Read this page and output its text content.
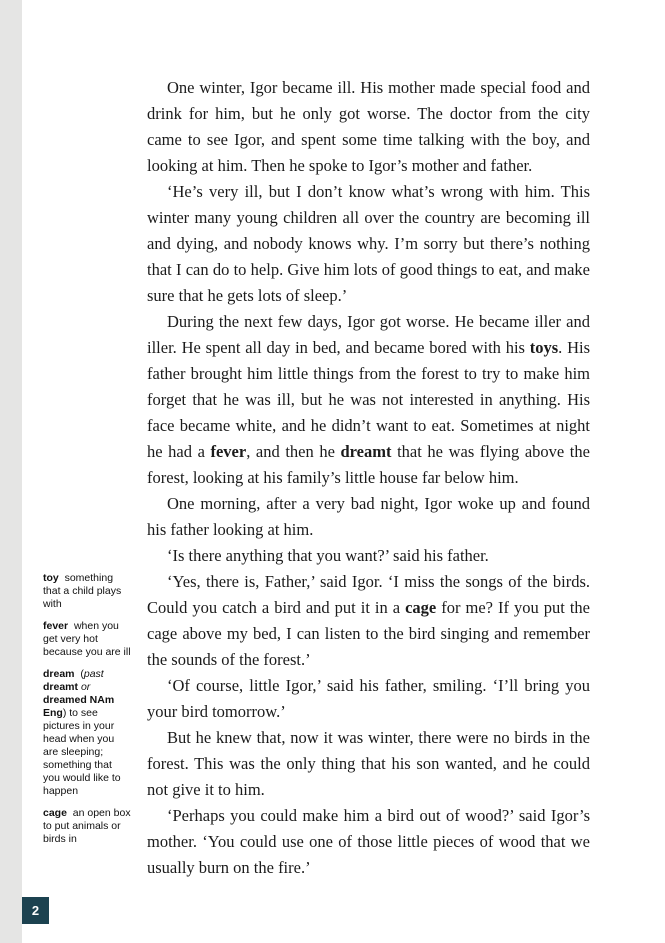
2
toy  something that a child plays with
fever  when you get very hot because you are ill
dream  (past dreamt or dreamed NAm Eng) to see pictures in your head when you are sleeping; something that you would like to happen
cage  an open box to put animals or birds in

One winter, Igor became ill. His mother made special food and drink for him, but he only got worse. The doctor from the city came to see Igor, and spent some time talking with the boy, and looking at him. Then he spoke to Igor’s mother and father.

‘He’s very ill, but I don’t know what’s wrong with him. This winter many young children all over the country are becoming ill and dying, and nobody knows why. I’m sorry but there’s nothing that I can do to help. Give him lots of good things to eat, and make sure that he gets lots of sleep.’

During the next few days, Igor got worse. He became iller and iller. He spent all day in bed, and became bored with his toys. His father brought him little things from the forest to try to make him forget that he was ill, but he was not interested in anything. His face became white, and he didn’t want to eat. Sometimes at night he had a fever, and then he dreamt that he was flying above the forest, looking at his family’s little house far below him.

One morning, after a very bad night, Igor woke up and found his father looking at him.

‘Is there anything that you want?’ said his father.

‘Yes, there is, Father,’ said Igor. ‘I miss the songs of the birds. Could you catch a bird and put it in a cage for me? If you put the cage above my bed, I can listen to the bird singing and remember the sounds of the forest.’

‘Of course, little Igor,’ said his father, smiling. ‘I’ll bring you your bird tomorrow.’

But he knew that, now it was winter, there were no birds in the forest. This was the only thing that his son wanted, and he could not give it to him.

‘Perhaps you could make him a bird out of wood?’ said Igor’s mother. ‘You could use one of those little pieces of wood that we usually burn on the fire.’
